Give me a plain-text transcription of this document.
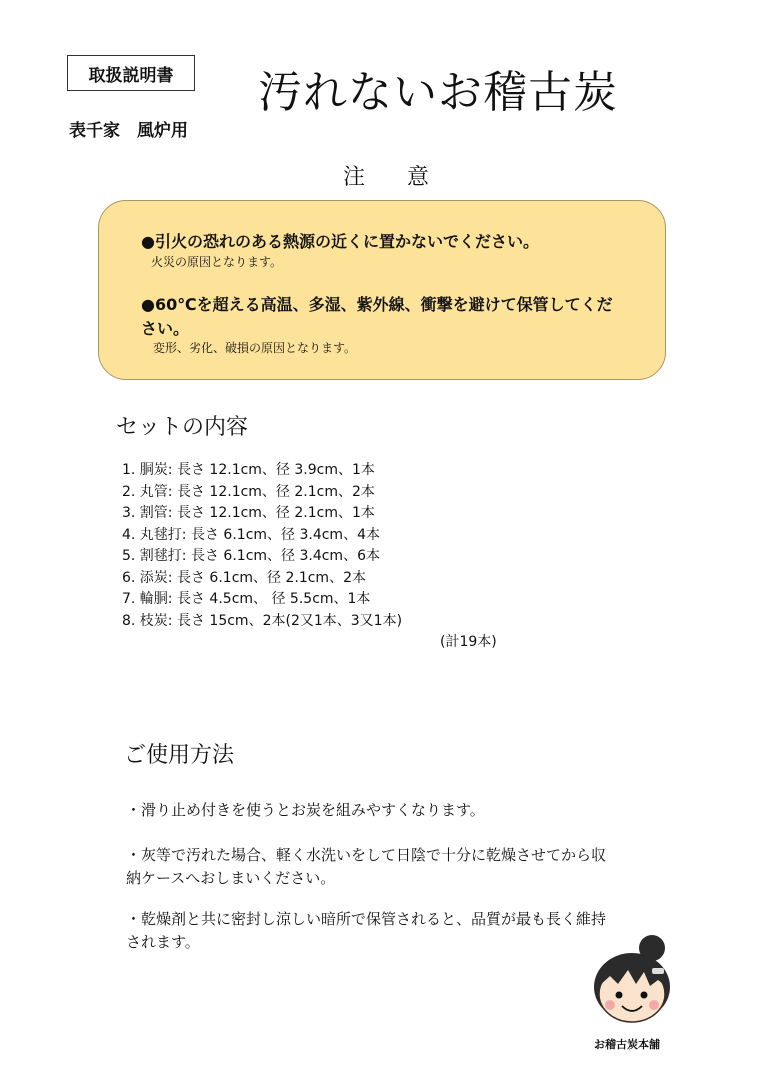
取扱説明書	汚れないお稽古炭
表千家　風炉用
注　意
●引火の恐れのある熱源の近くに置かないでください。
火災の原因となります。
●60℃を超える高温、多湿、紫外線、衝撃を避けて保管してくだ
さい。
変形、劣化、破損の原因となります。
セットの内容
1. 胴炭: 長さ 12.1cm、径 3.9cm、1本
2. 丸管: 長さ 12.1cm、径 2.1cm、2本
3. 割管: 長さ 12.1cm、径 2.1cm、1本
4. 丸毬打: 長さ 6.1cm、径 3.4cm、4本
5. 割毬打: 長さ 6.1cm、径 3.4cm、6本
6. 添炭: 長さ 6.1cm、径 2.1cm、2本
7. 輪胴: 長さ 4.5cm、 径 5.5cm、1本
8. 枝炭: 長さ 15cm、2本(2又1本、3又1本)
(計19本)
ご使用方法
・滑り止め付きを使うとお炭を組みやすくなります。
・灰等で汚れた場合、軽く水洗いをして日陰で十分に乾燥させてから収
納ケースへおしまいください。
・乾燥剤と共に密封し涼しい暗所で保管されると、品質が最も長く維持
されます。
お稽古炭本舗
